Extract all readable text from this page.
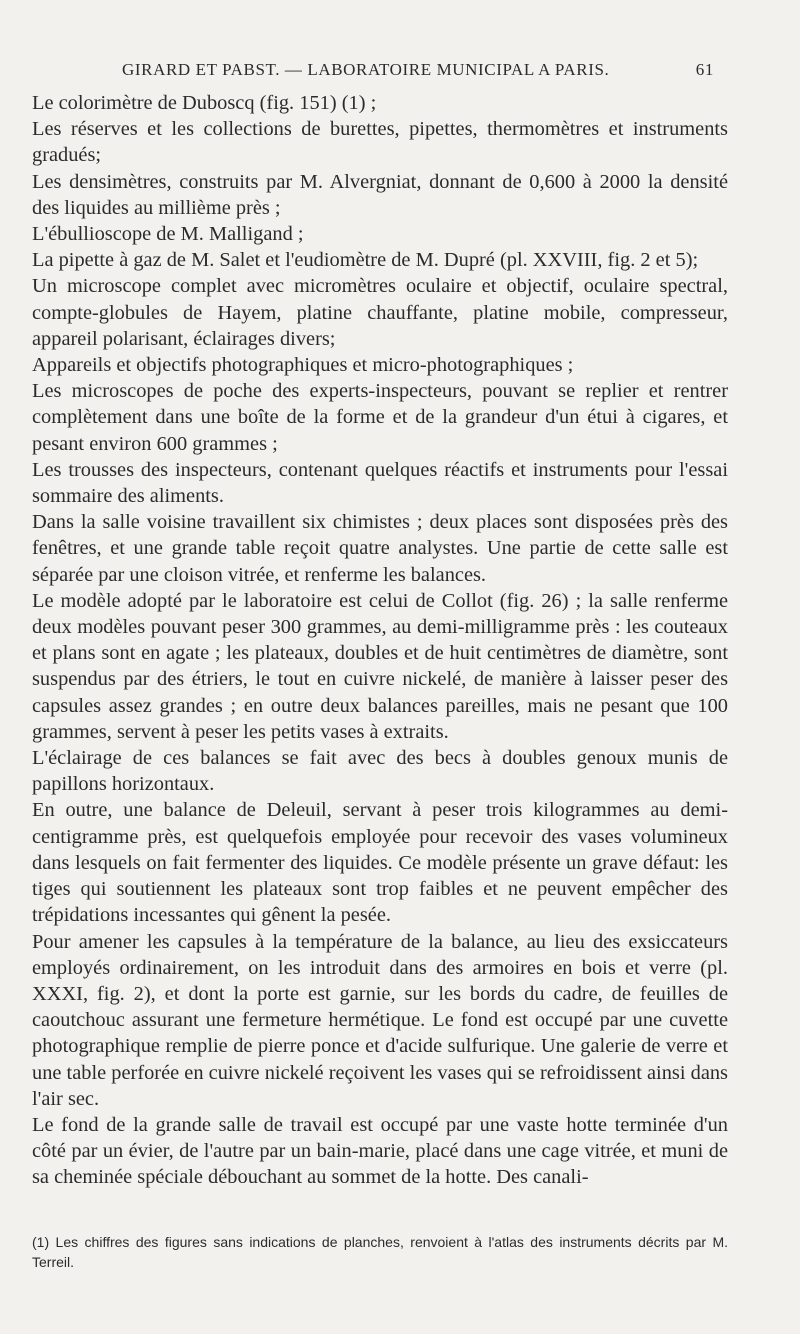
GIRARD ET PABST. — LABORATOIRE MUNICIPAL A PARIS.	61

Le colorimètre de Duboscq (fig. 151) (1) ;

Les réserves et les collections de burettes, pipettes, thermomètres et instruments gradués;

Les densimètres, construits par M. Alvergniat, donnant de 0,600 à 2000 la densité des liquides au millième près ;

L'ébullioscope de M. Malligand ;

La pipette à gaz de M. Salet et l'eudiomètre de M. Dupré (pl. XXVIII, fig. 2 et 5);

Un microscope complet avec micromètres oculaire et objectif, oculaire spectral, compte-globules de Hayem, platine chauffante, platine mobile, compresseur, appareil polarisant, éclairages divers;

Appareils et objectifs photographiques et micro-photographiques ;

Les microscopes de poche des experts-inspecteurs, pouvant se replier et rentrer complètement dans une boîte de la forme et de la grandeur d'un étui à cigares, et pesant environ 600 grammes ;

Les trousses des inspecteurs, contenant quelques réactifs et instruments pour l'essai sommaire des aliments.

Dans la salle voisine travaillent six chimistes ; deux places sont disposées près des fenêtres, et une grande table reçoit quatre analystes. Une partie de cette salle est séparée par une cloison vitrée, et renferme les balances.

Le modèle adopté par le laboratoire est celui de Collot (fig. 26) ; la salle renferme deux modèles pouvant peser 300 grammes, au demi-milligramme près : les couteaux et plans sont en agate ; les plateaux, doubles et de huit centimètres de diamètre, sont suspendus par des étriers, le tout en cuivre nickelé, de manière à laisser peser des capsules assez grandes ; en outre deux balances pareilles, mais ne pesant que 100 grammes, servent à peser les petits vases à extraits.

L'éclairage de ces balances se fait avec des becs à doubles genoux munis de papillons horizontaux.

En outre, une balance de Deleuil, servant à peser trois kilogrammes au demi-centigramme près, est quelquefois employée pour recevoir des vases volumineux dans lesquels on fait fermenter des liquides. Ce modèle présente un grave défaut: les tiges qui soutiennent les plateaux sont trop faibles et ne peuvent empêcher des trépidations incessantes qui gênent la pesée.

Pour amener les capsules à la température de la balance, au lieu des exsiccateurs employés ordinairement, on les introduit dans des armoires en bois et verre (pl. XXXI, fig. 2), et dont la porte est garnie, sur les bords du cadre, de feuilles de caoutchouc assurant une fermeture hermétique. Le fond est occupé par une cuvette photographique remplie de pierre ponce et d'acide sulfurique. Une galerie de verre et une table perforée en cuivre nickelé reçoivent les vases qui se refroidissent ainsi dans l'air sec.

Le fond de la grande salle de travail est occupé par une vaste hotte terminée d'un côté par un évier, de l'autre par un bain-marie, placé dans une cage vitrée, et muni de sa cheminée spéciale débouchant au sommet de la hotte. Des canali-

(1) Les chiffres des figures sans indications de planches, renvoient à l'atlas des instruments décrits par M. Terreil.
